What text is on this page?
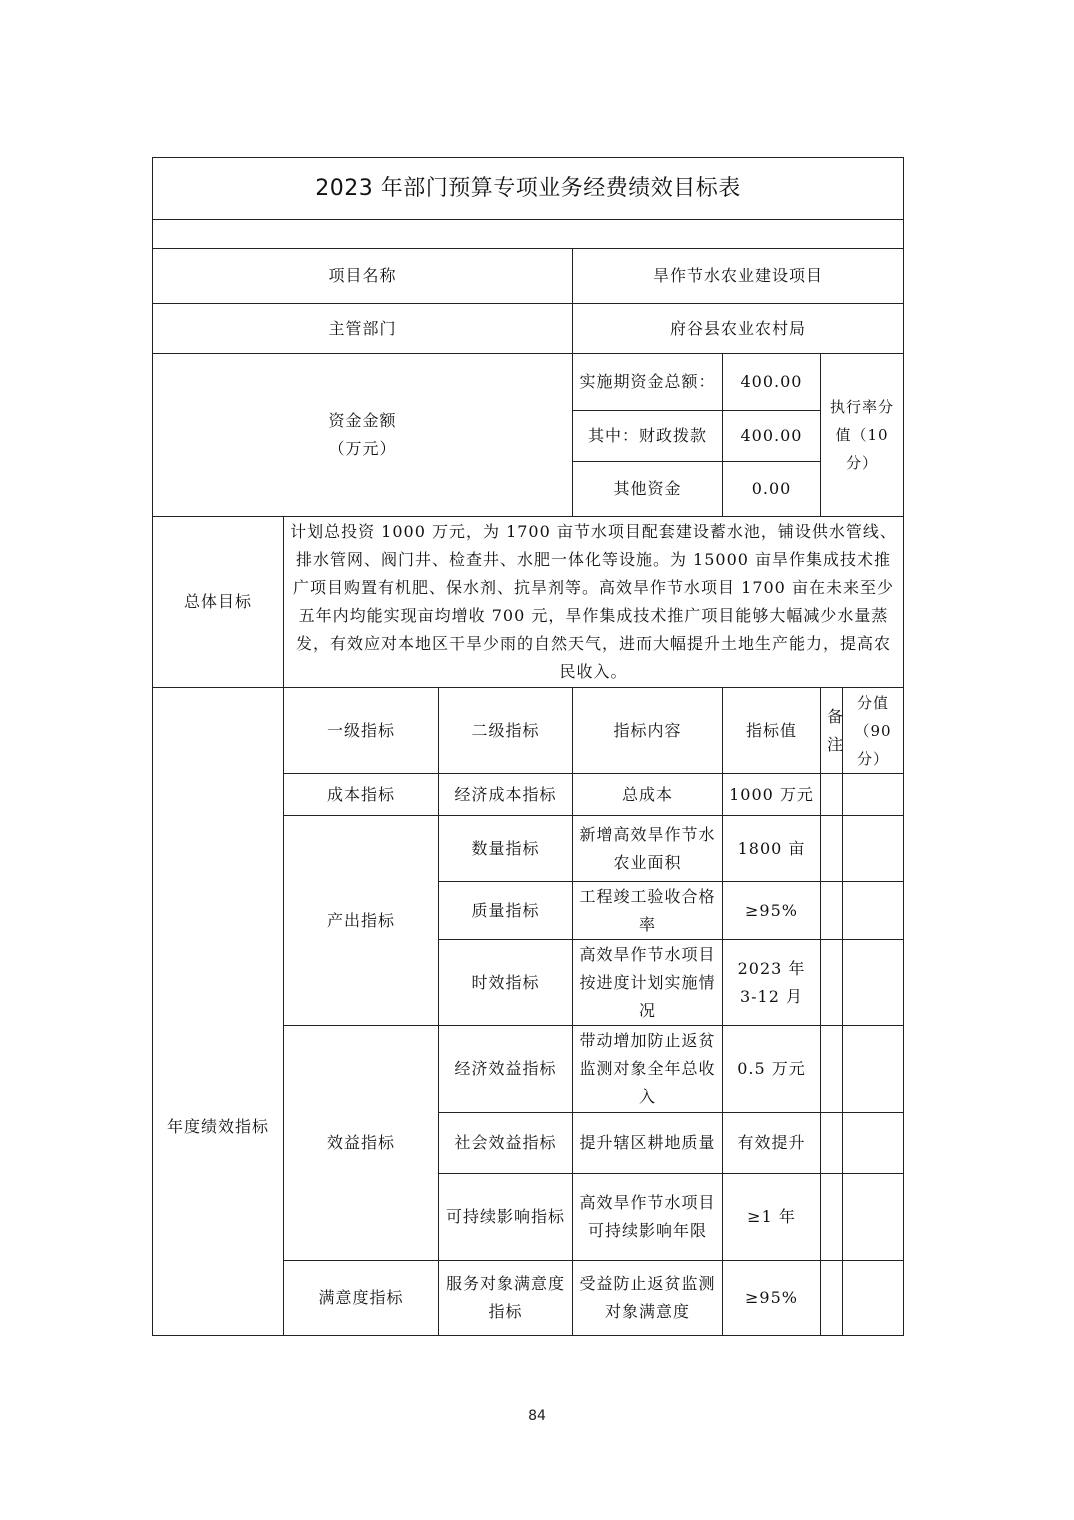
2023 年部门预算专项业务经费绩效目标表						

项目名称			旱作节水农业建设项目			
主管部门			府谷县农业农村局			

资金金额
（万元）			实施期资金总额：	400.00	执行率分值（10分）	
			其中：财政拨款	400.00		
			其他资金	0.00		
总体目标	计划总投资 1000 万元，为 1700 亩节水项目配套建设蓄水池，铺设供水管线、排水管网、阀门井、检查井、水肥一体化等设施。为 15000 亩旱作集成技术推广项目购置有机肥、保水剂、抗旱剂等。高效旱作节水项目 1700 亩在未来至少五年内均能实现亩均增收 700 元，旱作集成技术推广项目能够大幅减少水量蒸发，有效应对本地区干旱少雨的自然天气，进而大幅提升土地生产能力，提高农民收入。					
年度绩效指标	一级指标	二级指标	指标内容	指标值	备注	分值（90分）
	成本指标	经济成本指标	总成本	1000 万元		
	产出指标	数量指标	新增高效旱作节水农业面积	1800 亩		
		质量指标	工程竣工验收合格率	≥95%		
		时效指标	高效旱作节水项目按进度计划实施情况	2023 年 3-12 月		
	效益指标	经济效益指标	带动增加防止返贫监测对象全年总收入	0.5 万元		
		社会效益指标	提升辖区耕地质量	有效提升		
		可持续影响指标	高效旱作节水项目可持续影响年限	≥1 年		
	满意度指标	服务对象满意度指标	受益防止返贫监测对象满意度	≥95%		
84
